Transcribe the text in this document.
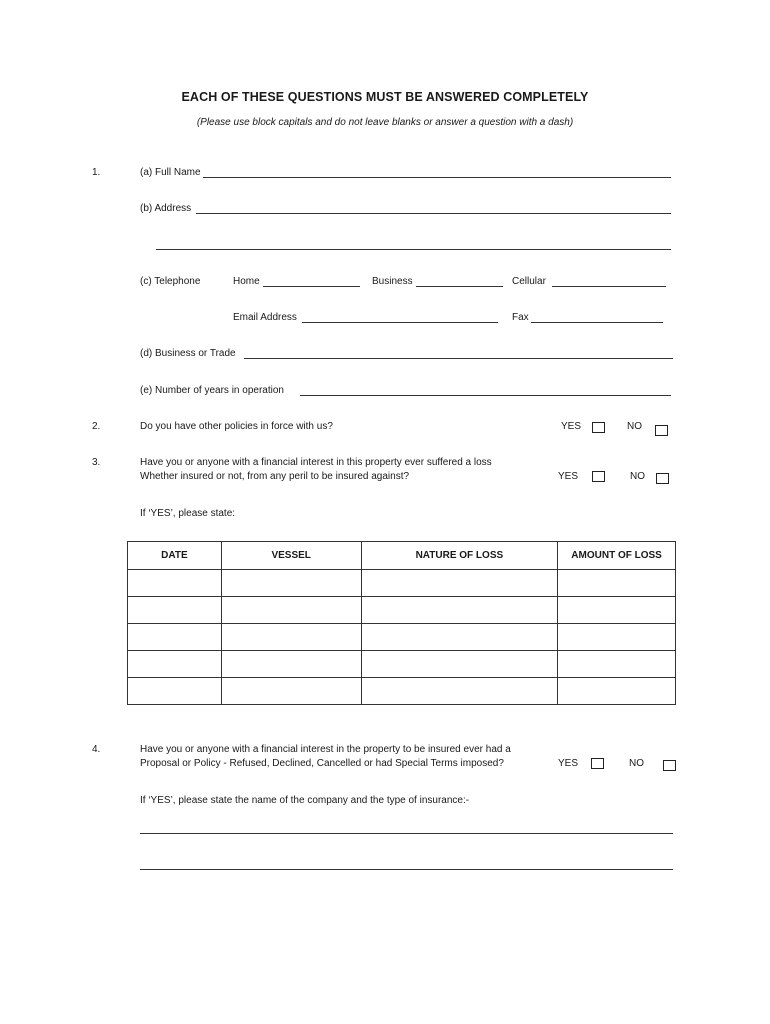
EACH OF THESE QUESTIONS MUST BE ANSWERED COMPLETELY
(Please use block capitals and do not leave blanks or answer a question with a dash)
1.	(a) Full Name
(b) Address
(c) Telephone	Home	Business	Cellular
Email Address	Fax
(d) Business or Trade
(e) Number of years in operation
2.	Do you have other policies in force with us?	YES	NO
3.	Have you or anyone with a financial interest in this property ever suffered a loss
Whether insured or not, from any peril to be insured against?	YES	NO
If ‘YES’, please state:
DATE	VESSEL	NATURE OF LOSS	AMOUNT OF LOSS

4.	Have you or anyone with a financial interest in the property to be insured ever had a
Proposal or Policy - Refused, Declined, Cancelled or had Special Terms imposed?	YES	NO
If ‘YES’, please state the name of the company and the type of insurance:-
